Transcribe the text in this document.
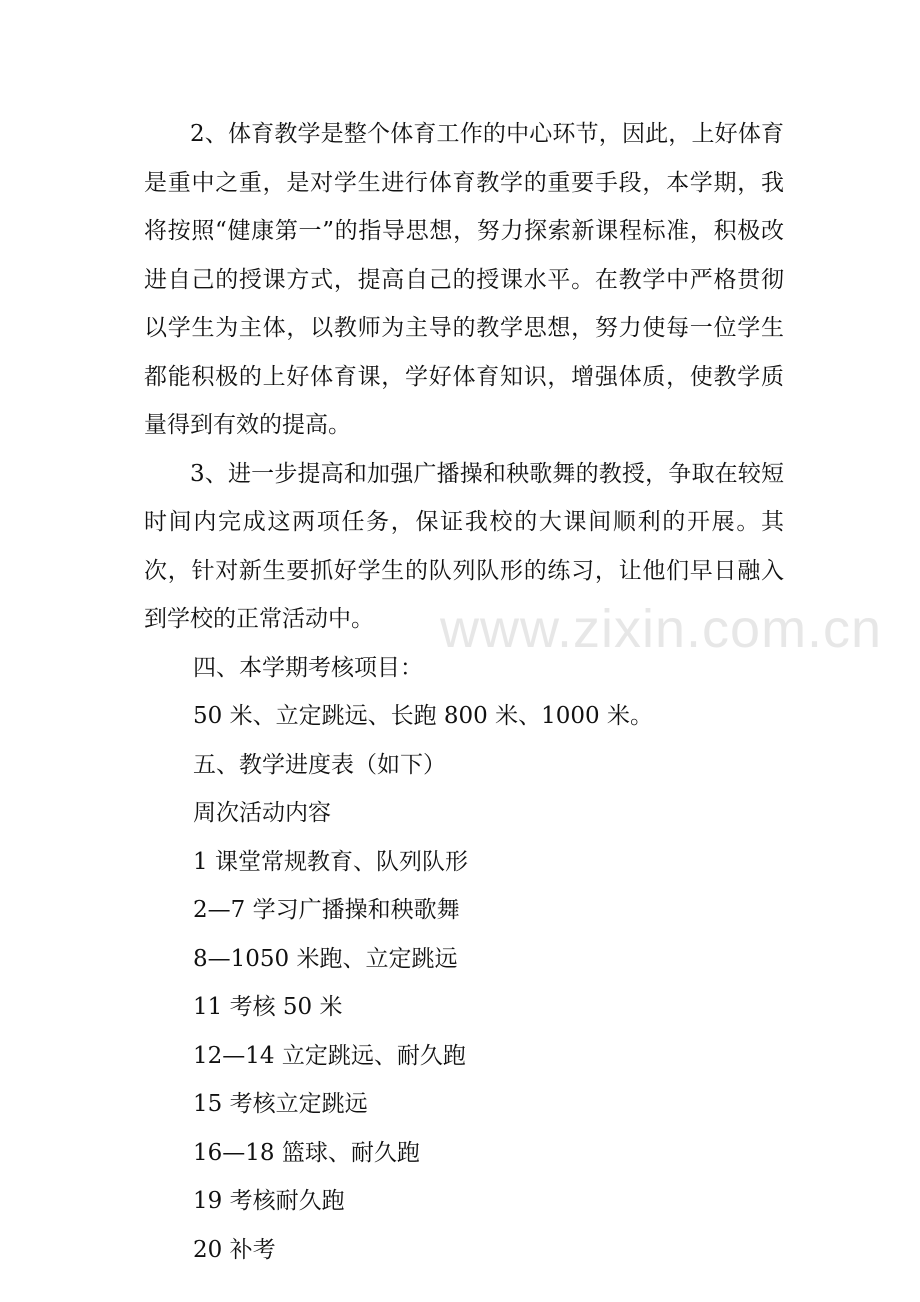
2、体育教学是整个体育工作的中心环节，因此，上好体育是重中之重，是对学生进行体育教学的重要手段，本学期，我将按照“健康第一”的指导思想，努力探索新课程标准，积极改进自己的授课方式，提高自己的授课水平。在教学中严格贯彻以学生为主体，以教师为主导的教学思想，努力使每一位学生都能积极的上好体育课，学好体育知识，增强体质，使教学质量得到有效的提高。

3、进一步提高和加强广播操和秧歌舞的教授，争取在较短时间内完成这两项任务，保证我校的大课间顺利的开展。其次，针对新生要抓好学生的队列队形的练习，让他们早日融入到学校的正常活动中。

四、本学期考核项目：

50 米、立定跳远、长跑 800 米、1000 米。

五、教学进度表（如下）

周次活动内容

1 课堂常规教育、队列队形

2—7 学习广播操和秧歌舞

8—1050 米跑、立定跳远

11 考核 50 米

12—14 立定跳远、耐久跑

15 考核立定跳远

16—18 篮球、耐久跑

19 考核耐久跑

20 补考

www.zixin.com.cn
